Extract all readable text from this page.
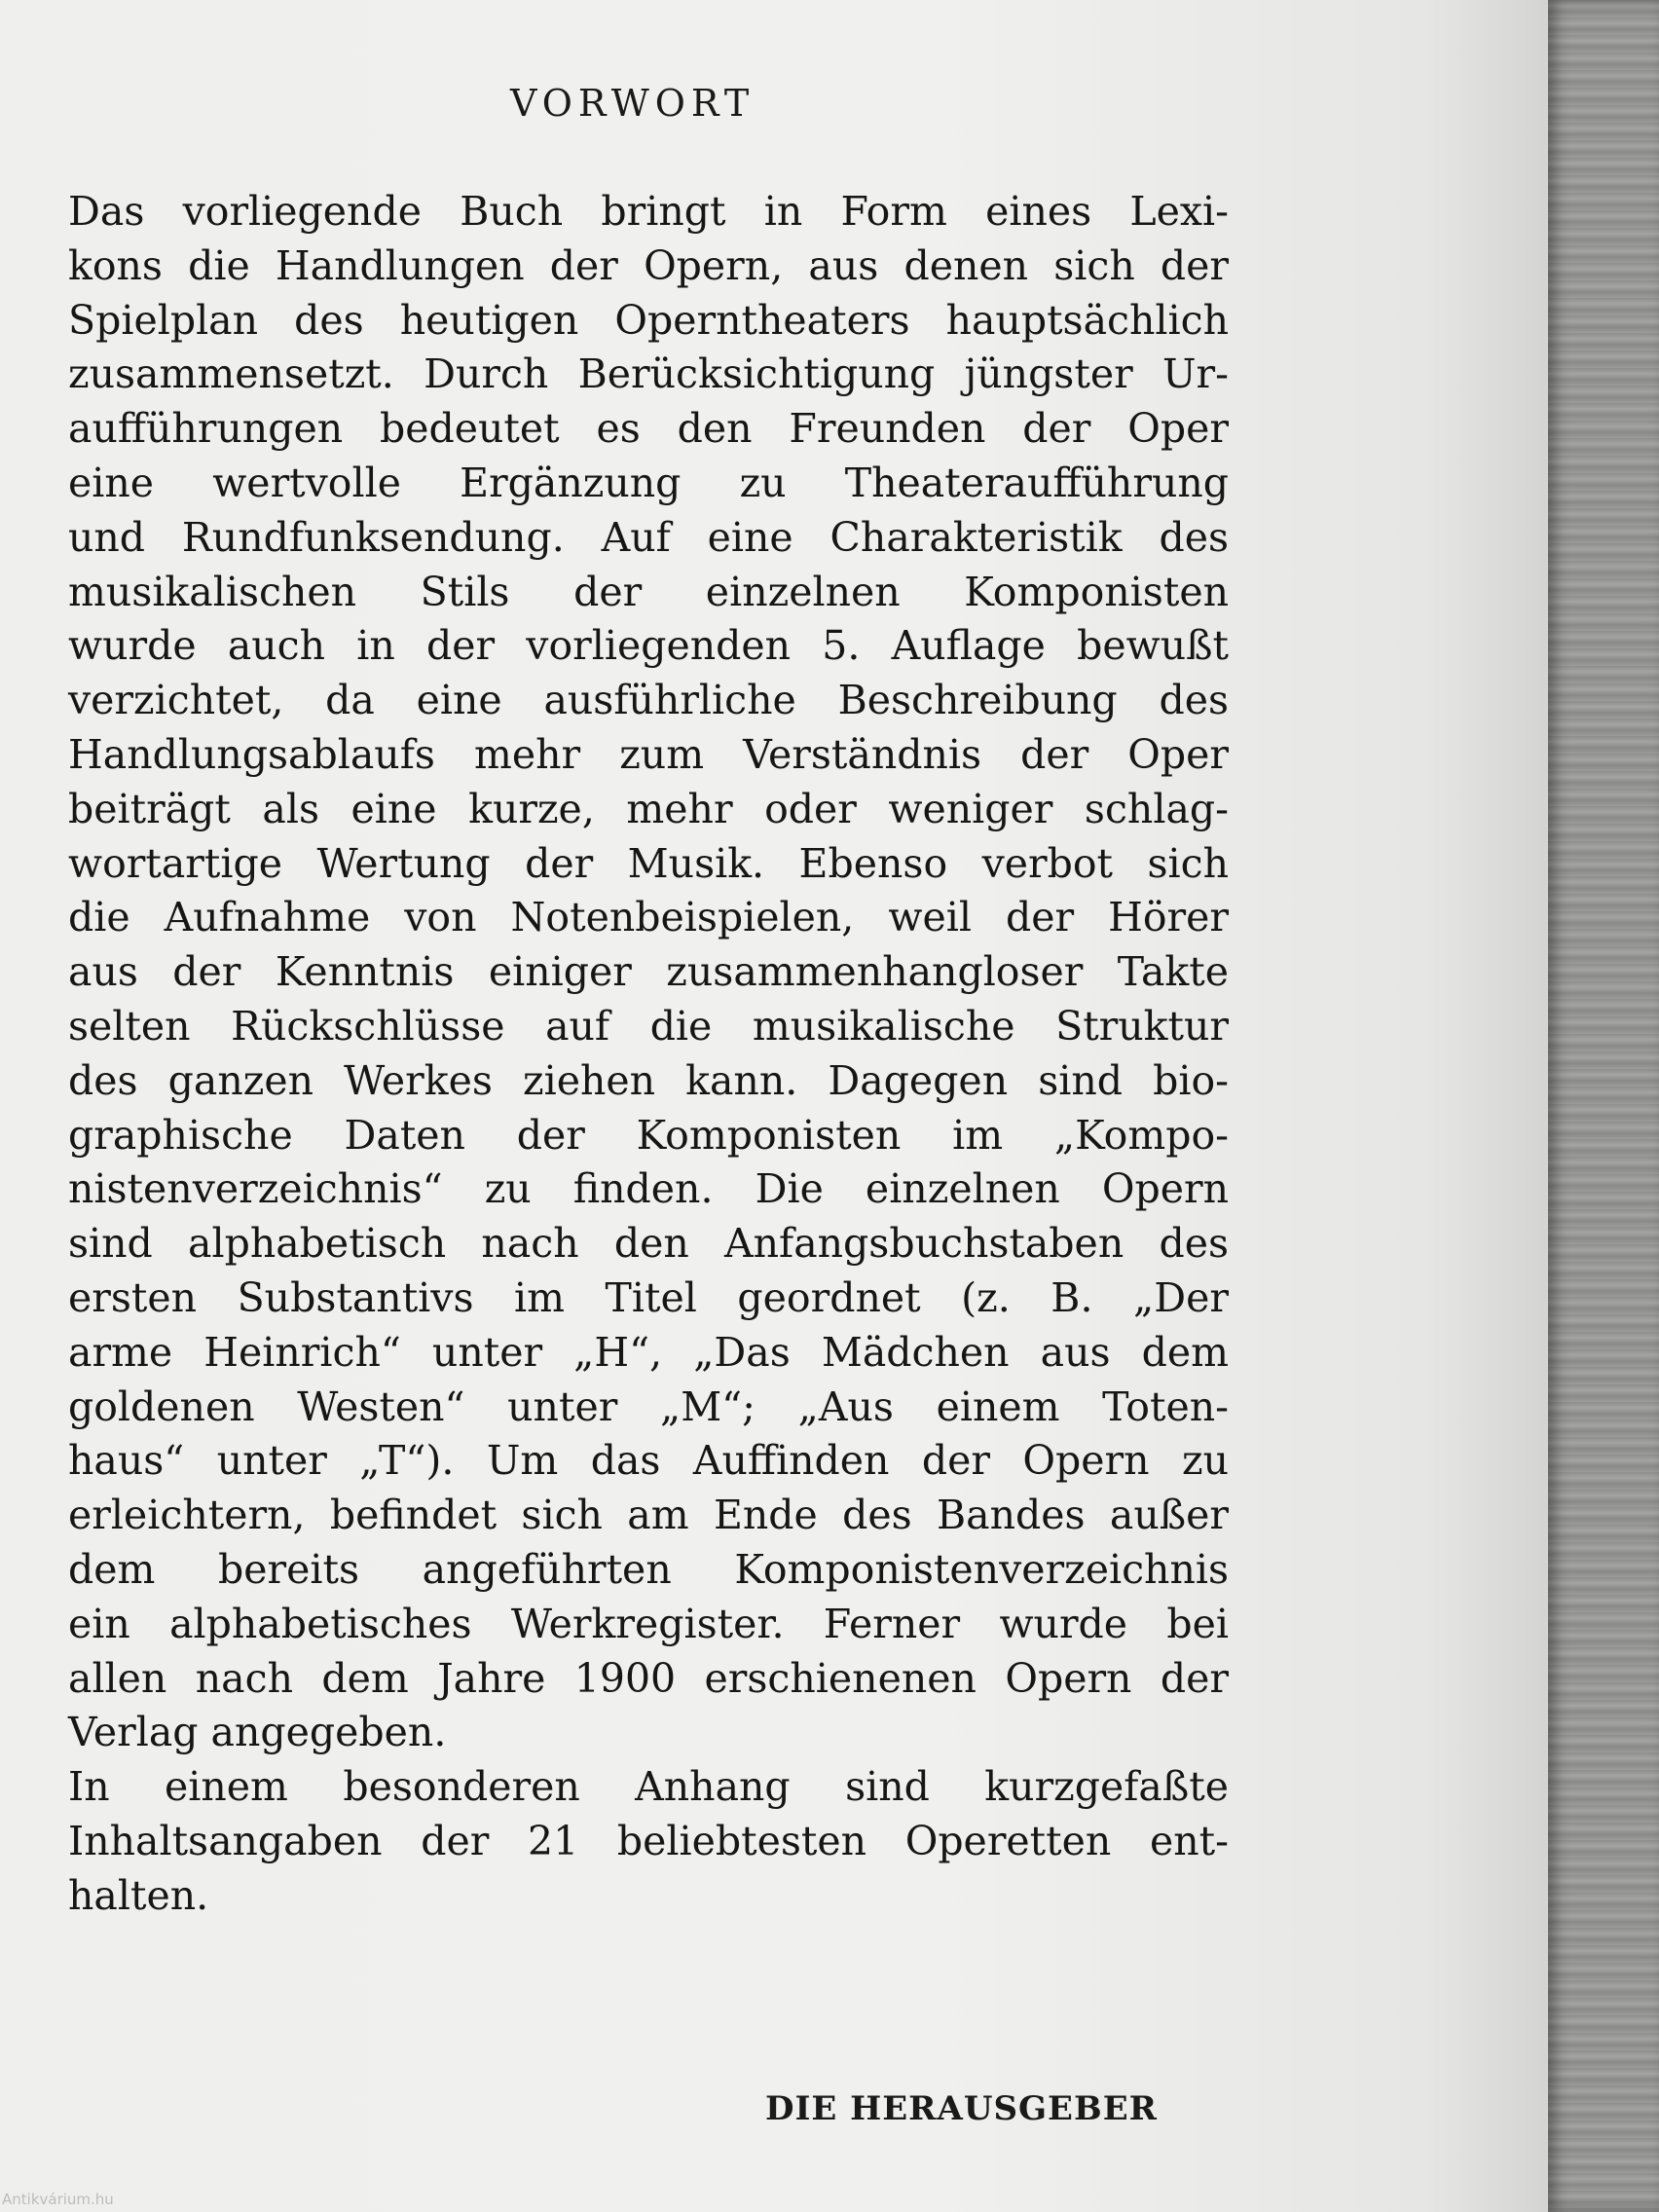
VORWORT
Das vorliegende Buch bringt in Form eines Lexi-
kons die Handlungen der Opern, aus denen sich der
Spielplan des heutigen Operntheaters hauptsächlich
zusammensetzt. Durch Berücksichtigung jüngster Ur-
aufführungen bedeutet es den Freunden der Oper
eine wertvolle Ergänzung zu Theateraufführung
und Rundfunksendung. Auf eine Charakteristik des
musikalischen Stils der einzelnen Komponisten
wurde auch in der vorliegenden 5. Auflage bewußt
verzichtet, da eine ausführliche Beschreibung des
Handlungsablaufs mehr zum Verständnis der Oper
beiträgt als eine kurze, mehr oder weniger schlag-
wortartige Wertung der Musik. Ebenso verbot sich
die Aufnahme von Notenbeispielen, weil der Hörer
aus der Kenntnis einiger zusammenhangloser Takte
selten Rückschlüsse auf die musikalische Struktur
des ganzen Werkes ziehen kann. Dagegen sind bio-
graphische Daten der Komponisten im „Kompo-
nistenverzeichnis“ zu finden. Die einzelnen Opern
sind alphabetisch nach den Anfangsbuchstaben des
ersten Substantivs im Titel geordnet (z. B. „Der
arme Heinrich“ unter „H“, „Das Mädchen aus dem
goldenen Westen“ unter „M“; „Aus einem Toten-
haus“ unter „T“). Um das Auffinden der Opern zu
erleichtern, befindet sich am Ende des Bandes außer
dem bereits angeführten Komponistenverzeichnis
ein alphabetisches Werkregister. Ferner wurde bei
allen nach dem Jahre 1900 erschienenen Opern der
Verlag angegeben.
In einem besonderen Anhang sind kurzgefaßte
Inhaltsangaben der 21 beliebtesten Operetten ent-
halten.
DIE HERAUSGEBER
Antikvárium.hu
